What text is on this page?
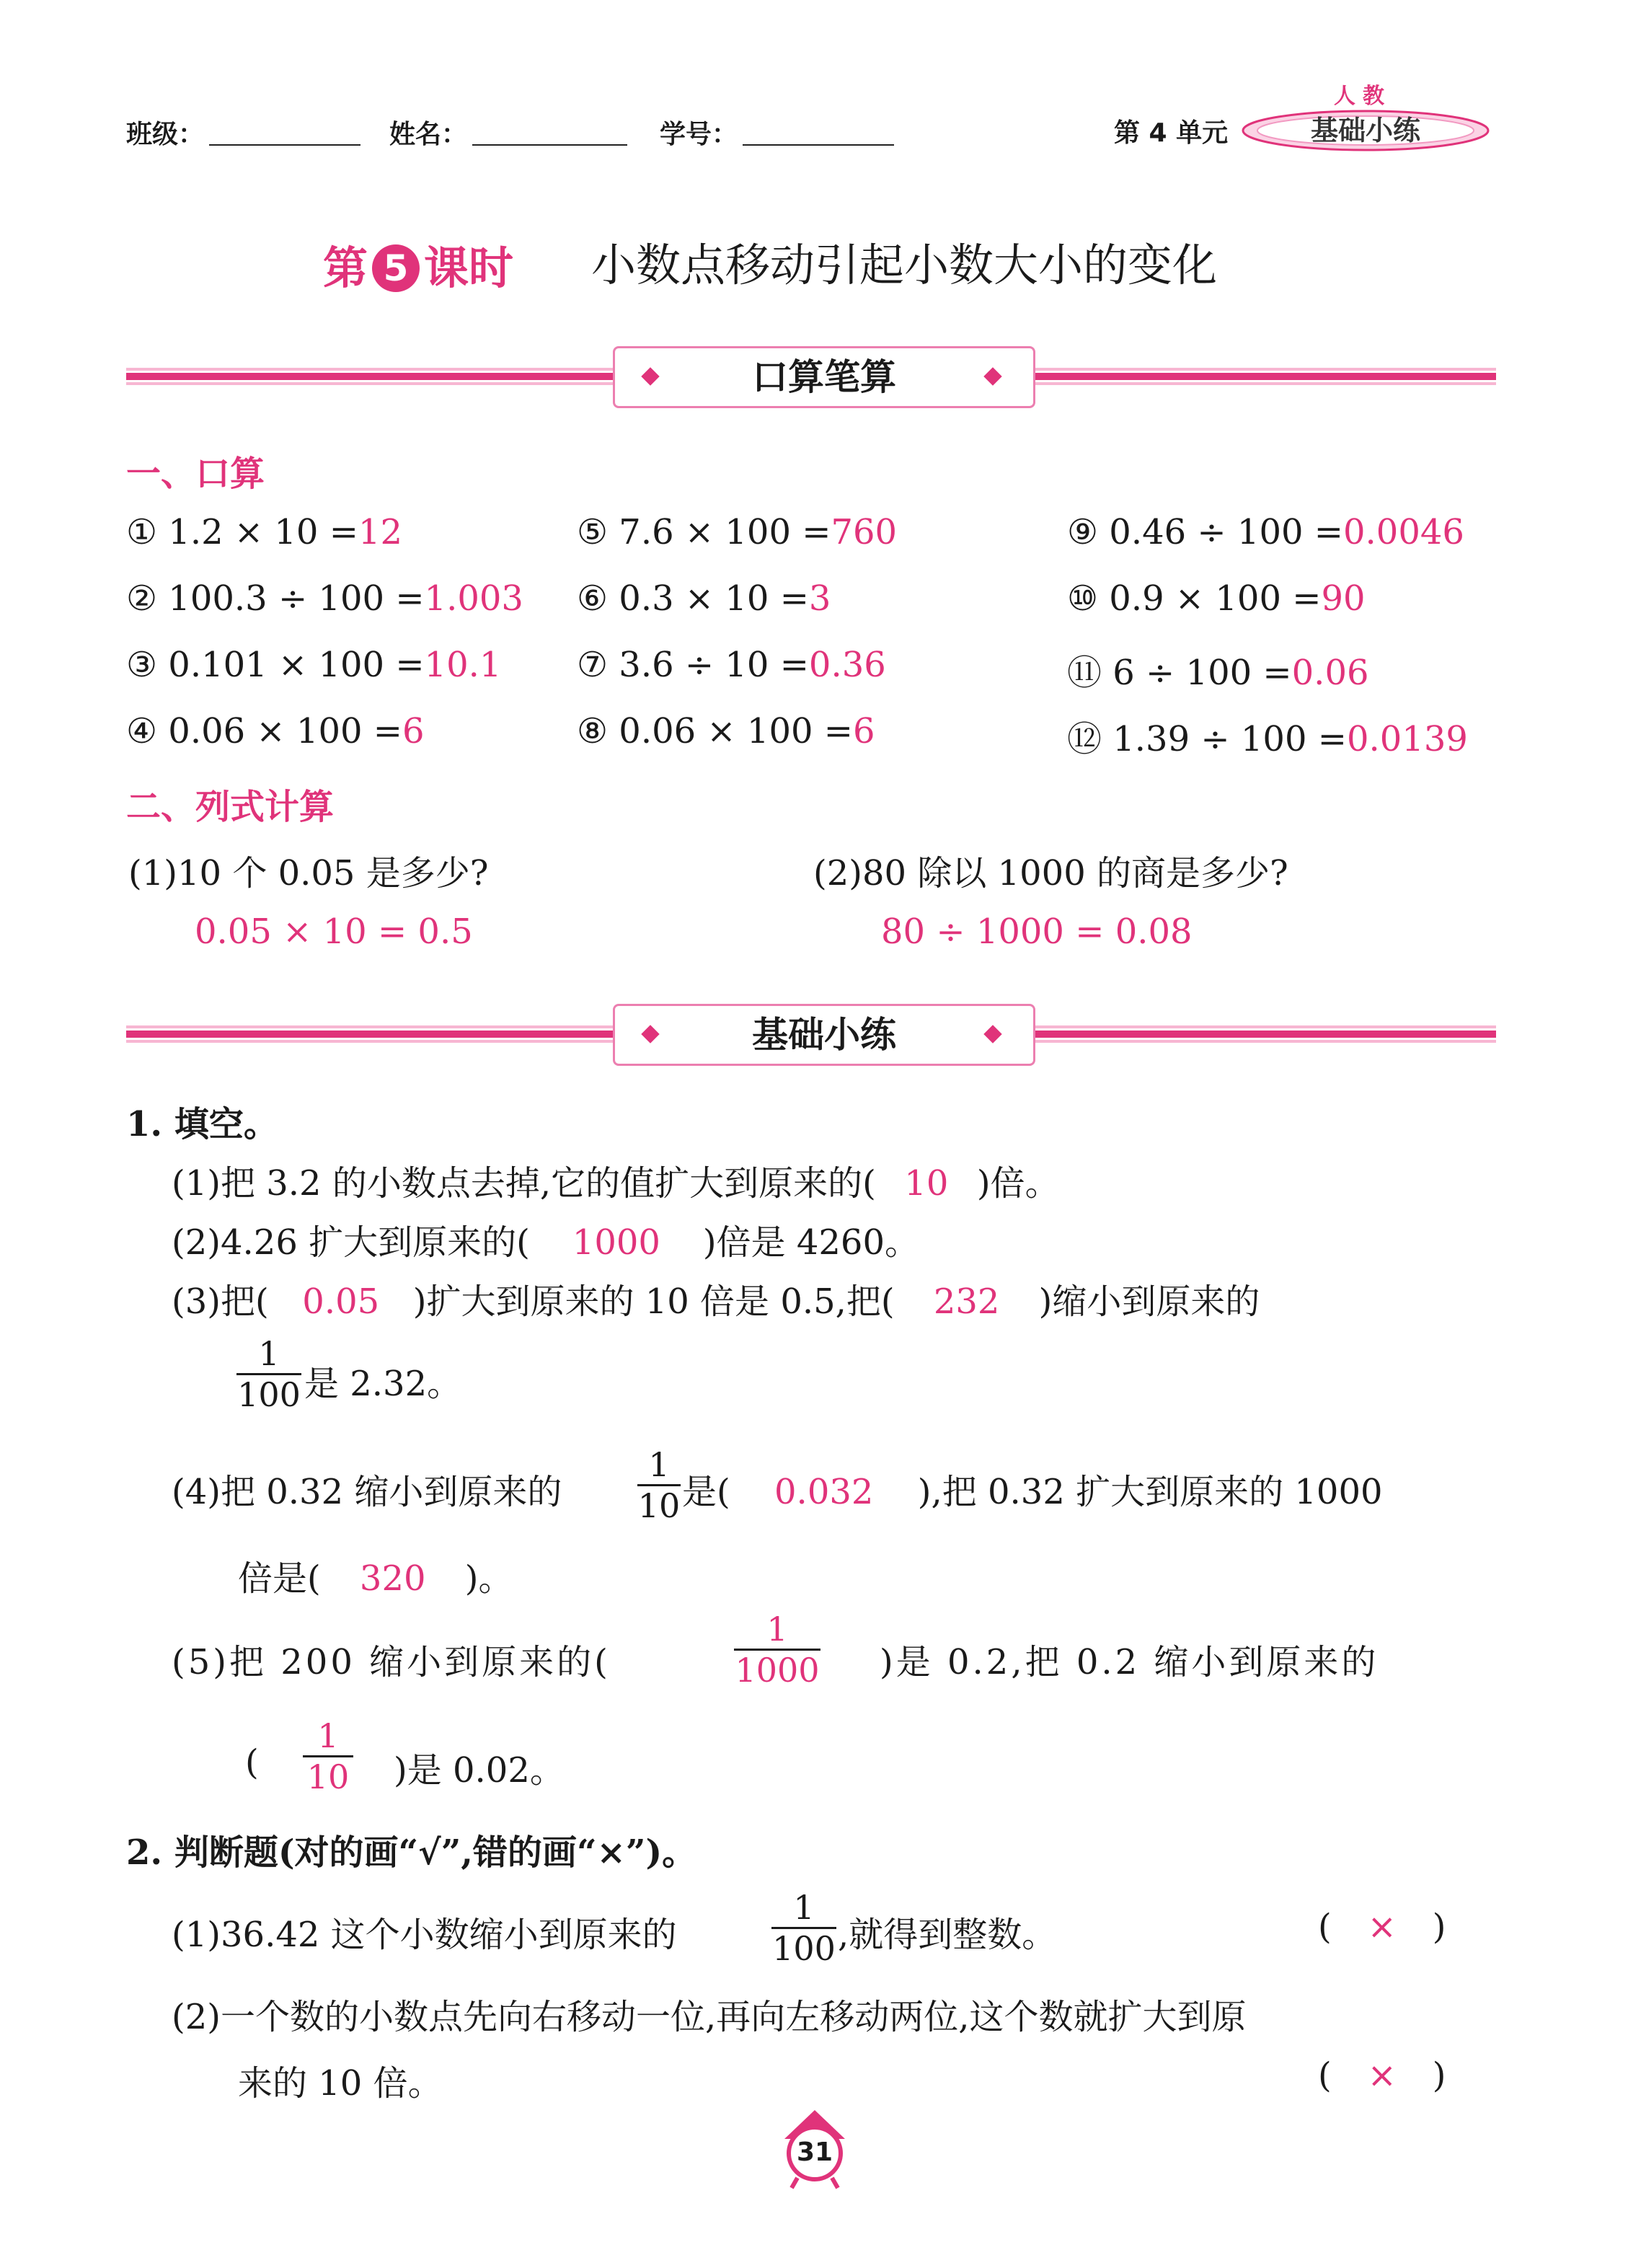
班级：	姓名：	学号：	第 4 单元
人教
基础小练
第 5 课时 小数点移动引起小数大小的变化
口算笔算
一、口算
① 1.2 × 10 =12	⑤ 7.6 × 100 =760	⑨ 0.46 ÷ 100 =0.0046
② 100.3 ÷ 100 =1.003 ⑥ 0.3 × 10 =3	⑩ 0.9 × 100 =90
③ 0.101 × 100 =10.1 ⑦ 3.6 ÷ 10 =0.36	⑪ 6 ÷ 100 =0.06
④ 0.06 × 100 =6	⑧ 0.06 × 100 =6	⑫ 1.39 ÷ 100 =0.0139
二、列式计算
(1)10 个 0.05 是多少?
0.05 × 10 = 0.5
(2)80 除以 1000 的商是多少?
80 ÷ 1000 = 0.08
基础小练
1. 填空。
(1)把 3.2 的小数点去掉,它的值扩大到原来的( 10 )倍。
(2)4.26 扩大到原来的( 1000 )倍是 4260。
(3)把( 0.05 )扩大到原来的 10 倍是 0.5,把( 232 )缩小到原来的
1
100 是 2.32。
(4)把 0.32 缩小到原来的
1
10 是( 0.032 ),把 0.32 扩大到原来的 1000
倍是( 320 )。
(5)把 200 缩小到原来的(
1
1000 )是 0.2,把 0.2 缩小到原来的
(
1
10 )是 0.02。
2. 判断题(对的画“√”,错的画“×”)。
(1)36.42 这个小数缩小到原来的
1
100 ,就得到整数。	( × )
(2)一个数的小数点先向右移动一位,再向左移动两位,这个数就扩大到原
来的 10 倍。	( × )
31
